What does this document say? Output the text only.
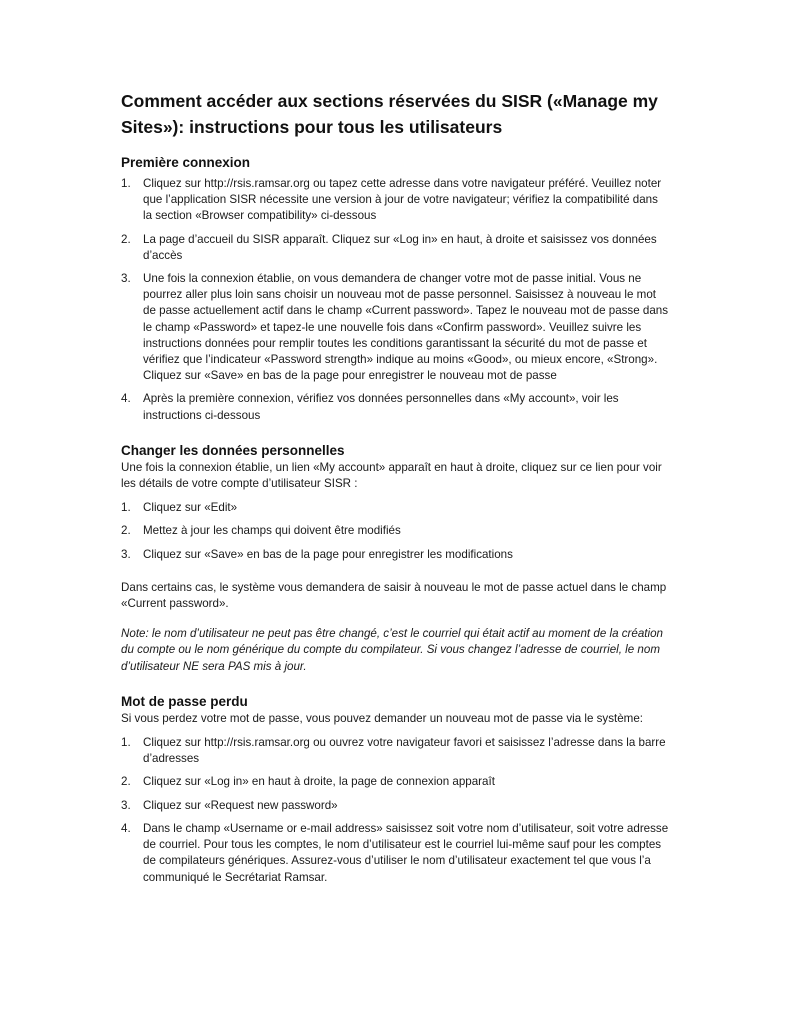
Comment accéder aux sections réservées du SISR («Manage my Sites»): instructions pour tous les utilisateurs
Première connexion
1. Cliquez sur http://rsis.ramsar.org ou tapez cette adresse dans votre navigateur préféré. Veuillez noter que l’application SISR nécessite une version à jour de votre navigateur; vérifiez la compatibilité dans la section «Browser compatibility» ci-dessous
2. La page d’accueil du SISR apparaît. Cliquez sur «Log in» en haut, à droite et saisissez vos données d’accès
3. Une fois la connexion établie, on vous demandera de changer votre mot de passe initial. Vous ne pourrez aller plus loin sans choisir un nouveau mot de passe personnel. Saisissez à nouveau le mot de passe actuellement actif dans le champ «Current password». Tapez le nouveau mot de passe dans le champ «Password» et tapez-le une nouvelle fois dans «Confirm password». Veuillez suivre les instructions données pour remplir toutes les conditions garantissant la sécurité du mot de passe et vérifiez que l’indicateur «Password strength» indique au moins «Good», ou mieux encore, «Strong». Cliquez sur «Save» en bas de la page pour enregistrer le nouveau mot de passe
4. Après la première connexion, vérifiez vos données personnelles dans «My account», voir les instructions ci-dessous
Changer les données personnelles

Une fois la connexion établie, un lien «My account» apparaît en haut à droite, cliquez sur ce lien pour voir les détails de votre compte d’utilisateur SISR :

1. Cliquez sur «Edit»
2. Mettez à jour les champs qui doivent être modifiés
3. Cliquez sur «Save» en bas de la page pour enregistrer les modifications

Dans certains cas, le système vous demandera de saisir à nouveau le mot de passe actuel dans le champ «Current password».

Note: le nom d’utilisateur ne peut pas être changé, c’est le courriel qui était actif au moment de la création du compte ou le nom générique du compte du compilateur. Si vous changez l’adresse de courriel, le nom d’utilisateur NE sera PAS mis à jour.

Mot de passe perdu

Si vous perdez votre mot de passe, vous pouvez demander un nouveau mot de passe via le système:

1. Cliquez sur http://rsis.ramsar.org ou ouvrez votre navigateur favori et saisissez l’adresse dans la barre d’adresses
2. Cliquez sur «Log in» en haut à droite, la page de connexion apparaît
3. Cliquez sur «Request new password»
4. Dans le champ «Username or e-mail address» saisissez soit votre nom d’utilisateur, soit votre adresse de courriel. Pour tous les comptes, le nom d’utilisateur est le courriel lui-même sauf pour les comptes de compilateurs génériques. Assurez-vous d’utiliser le nom d’utilisateur exactement tel que vous l’a communiqué le Secrétariat Ramsar.
